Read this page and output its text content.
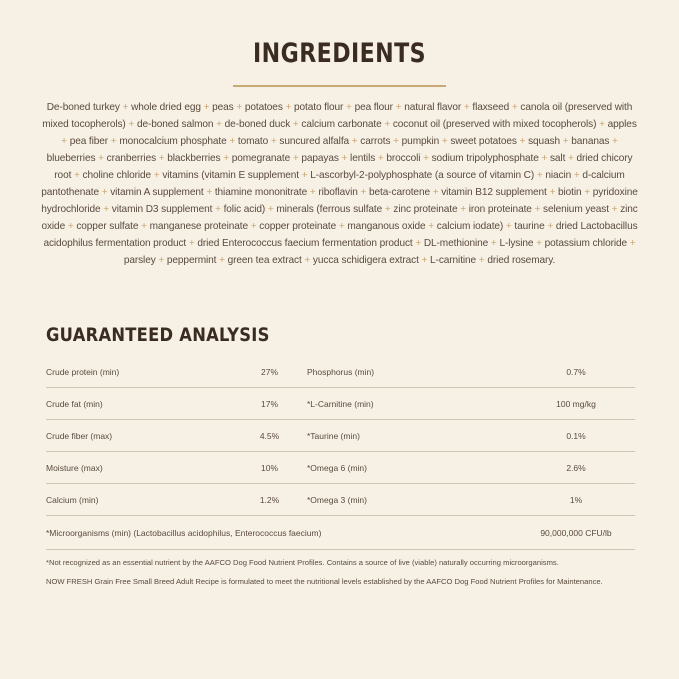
INGREDIENTS
De-boned turkey + whole dried egg + peas + potatoes + potato flour + pea flour + natural flavor + flaxseed + canola oil (preserved with mixed tocopherols) + de-boned salmon + de-boned duck + calcium carbonate + coconut oil (preserved with mixed tocopherols) + apples + pea fiber + monocalcium phosphate + tomato + suncured alfalfa + carrots + pumpkin + sweet potatoes + squash + bananas + blueberries + cranberries + blackberries + pomegranate + papayas + lentils + broccoli + sodium tripolyphosphate + salt + dried chicory root + choline chloride + vitamins (vitamin E supplement + L-ascorbyl-2-polyphosphate (a source of vitamin C) + niacin + d-calcium pantothenate + vitamin A supplement + thiamine mononitrate + riboflavin + beta-carotene + vitamin B12 supplement + biotin + pyridoxine hydrochloride + vitamin D3 supplement + folic acid) + minerals (ferrous sulfate + zinc proteinate + iron proteinate + selenium yeast + zinc oxide + copper sulfate + manganese proteinate + copper proteinate + manganous oxide + calcium iodate) + taurine + dried Lactobacillus acidophilus fermentation product + dried Enterococcus faecium fermentation product + DL-methionine + L-lysine + potassium chloride + parsley + peppermint + green tea extract + yucca schidigera extract + L-carnitine + dried rosemary.
GUARANTEED ANALYSIS
Crude protein (min)	27%	Phosphorus (min)	0.7%
Crude fat (min)	17%	*L-Carnitine (min)	100 mg/kg
Crude fiber (max)	4.5%	*Taurine (min)	0.1%
Moisture (max)	10%	*Omega 6 (min)	2.6%
Calcium (min)	1.2%	*Omega 3 (min)	1%
*Microorganisms (min) (Lactobacillus acidophilus, Enterococcus faecium)			90,000,000 CFU/lb

*Not recognized as an essential nutrient by the AAFCO Dog Food Nutrient Profiles. Contains a source of live (viable) naturally occurring microorganisms.

NOW FRESH Grain Free Small Breed Adult Recipe is formulated to meet the nutritional levels established by the AAFCO Dog Food Nutrient Profiles for Maintenance.
